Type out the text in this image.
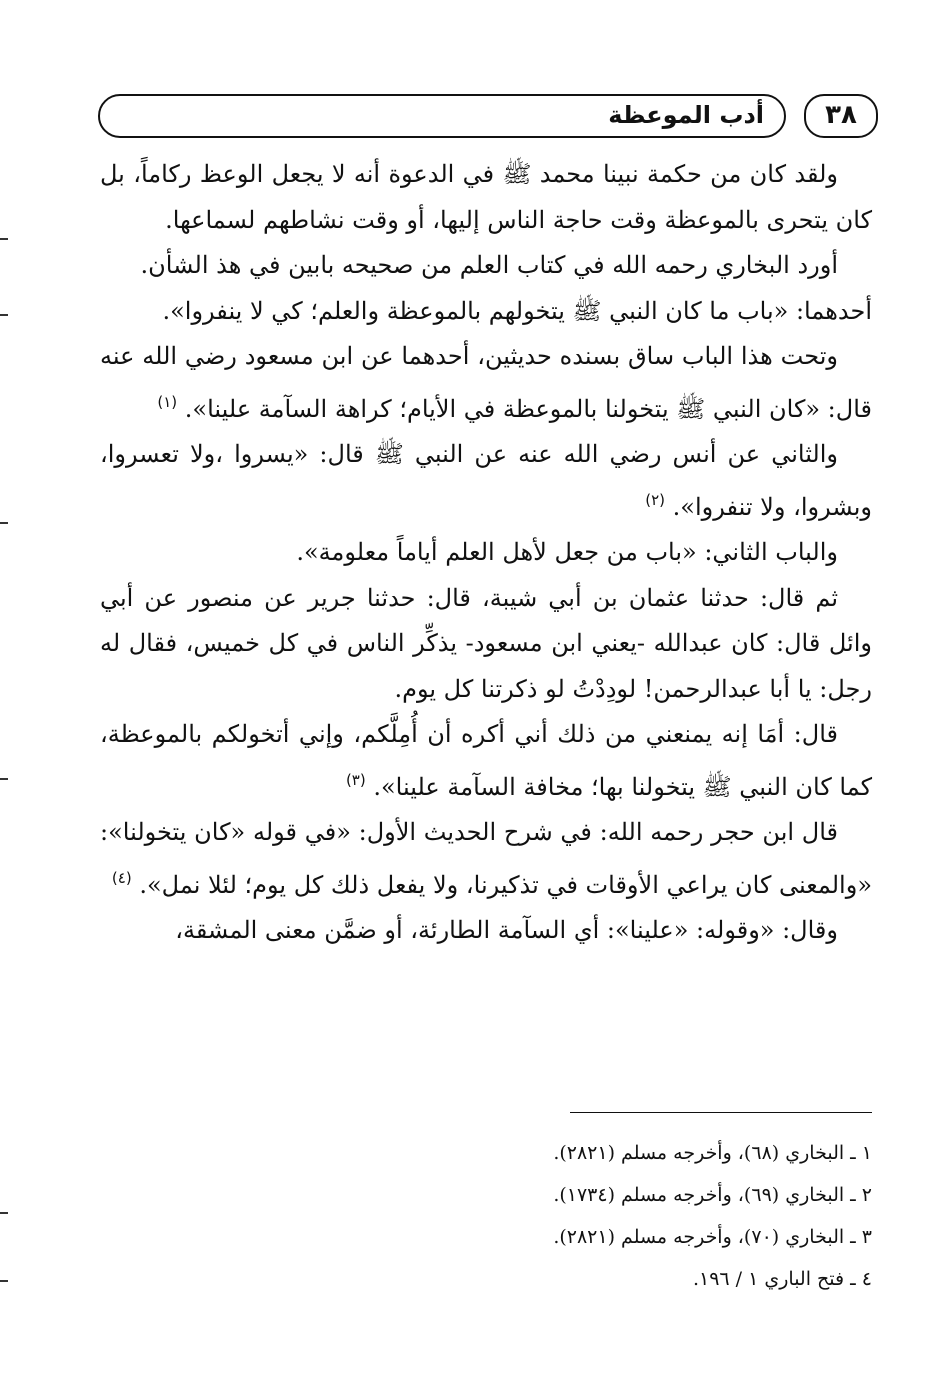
أدب الموعظة	٣٨

ولقد كان من حكمة نبينا محمد ﷺ في الدعوة أنه لا يجعل الوعظ ركاماً، بل كان يتحرى بالموعظة وقت حاجة الناس إليها، أو وقت نشاطهم لسماعها.

أورد البخاري رحمه الله في كتاب العلم من صحيحه بابين في هذ الشأن.

أحدهما: «باب ما كان النبي ﷺ يتخولهم بالموعظة والعلم؛ كي لا ينفروا».

وتحت هذا الباب ساق بسنده حديثين، أحدهما عن ابن مسعود رضي الله عنه قال: «كان النبي ﷺ يتخولنا بالموعظة في الأيام؛ كراهة السآمة علينا». $^{(١)}$

والثاني عن أنس رضي الله عنه عن النبي ﷺ قال: «يسروا ،ولا تعسروا، وبشروا، ولا تنفروا». $^{(٢)}$

والباب الثاني: «باب من جعل لأهل العلم أياماً معلومة».

ثم قال: حدثنا عثمان بن أبي شيبة، قال: حدثنا جرير عن منصور عن أبي وائل قال: كان عبدالله -يعني ابن مسعود- يذكِّر الناس في كل خميس، فقال له رجل: يا أبا عبدالرحمن! لودِدْتُ لو ذكرتنا كل يوم.

قال: أمَا إنه يمنعني من ذلك أني أكره أن أُمِلَّكم، وإني أتخولكم بالموعظة، كما كان النبي ﷺ يتخولنا بها؛ مخافة السآمة علينا». $^{(٣)}$

قال ابن حجر رحمه الله: في شرح الحديث الأول: «في قوله «كان يتخولنا»: «والمعنى كان يراعي الأوقات في تذكيرنا، ولا يفعل ذلك كل يوم؛ لئلا نمل». $^{(٤)}$

وقال: «وقوله: «علينا»: أي السآمة الطارئة، أو ضمَّن معنى المشقة،

١ ـ البخاري (٦٨)، وأخرجه مسلم (٢٨٢١).

٢ ـ البخاري (٦٩)، وأخرجه مسلم (١٧٣٤).

٣ ـ البخاري (٧٠)، وأخرجه مسلم (٢٨٢١).

٤ ـ فتح الباري ١ / ١٩٦.
